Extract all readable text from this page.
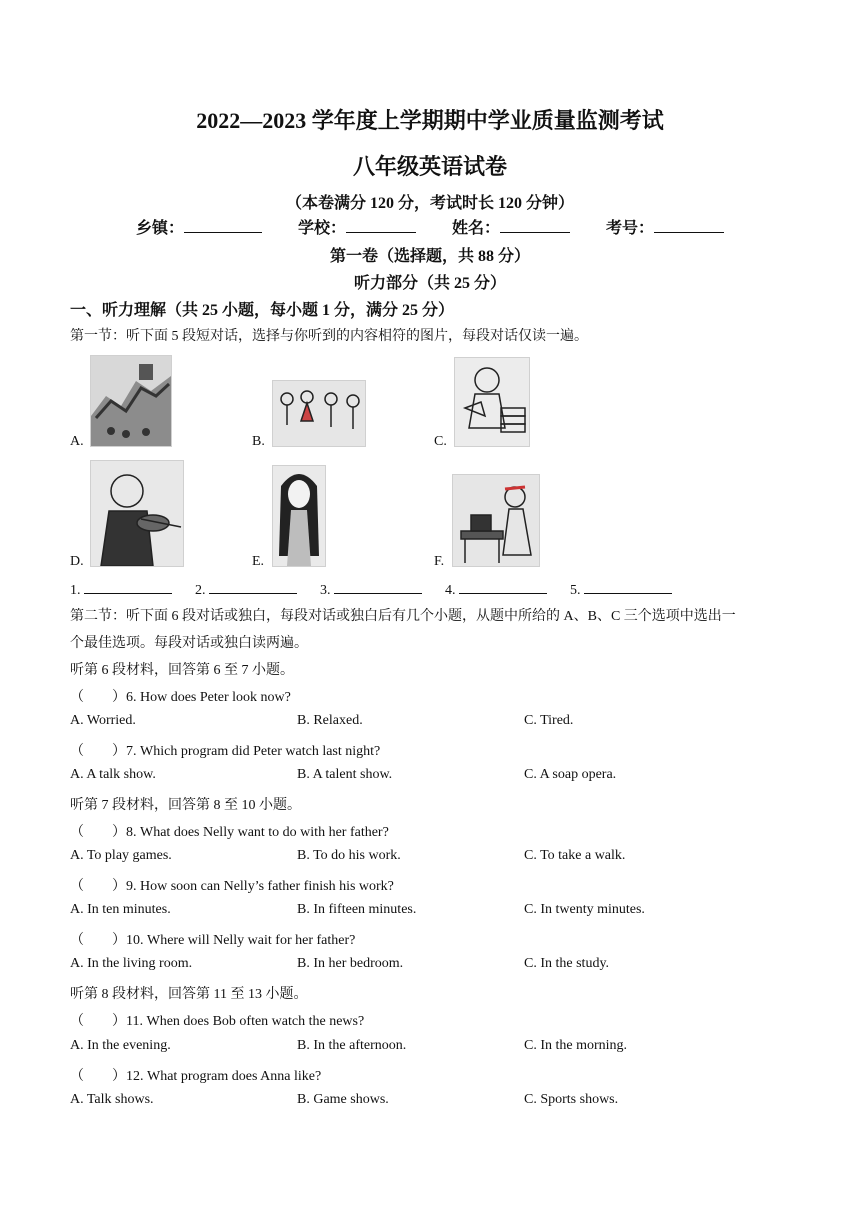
2022—2023 学年度上学期期中学业质量监测考试
八年级英语试卷
（本卷满分 120 分，考试时长 120 分钟）
乡镇：	学校：	姓名：	考号：
第一卷（选择题，共 88 分）
听力部分（共 25 分）
一、听力理解（共 25 小题，每小题 1 分，满分 25 分）
第一节：听下面 5 段短对话，选择与你听到的内容相符的图片，每段对话仅读一遍。
A.	B.	C.
D.	E.	F.
1.	2.	3.	4.	5.
第二节：听下面 6 段对话或独白，每段对话或独白后有几个小题，从题中所给的 A、B、C 三个选项中选出一
个最佳选项。每段对话或独白读两遍。
听第 6 段材料，回答第 6 至 7 小题。
（　　）6. How does Peter look now?
A. Worried.	B. Relaxed.	C. Tired.
（　　）7. Which program did Peter watch last night?
A. A talk show.	B. A talent show.	C. A soap opera.
听第 7 段材料，回答第 8 至 10 小题。
（　　）8. What does Nelly want to do with her father?
A. To play games.	B. To do his work.	C. To take a walk.
（　　）9. How soon can Nelly’s father finish his work?
A. In ten minutes.	B. In fifteen minutes.	C. In twenty minutes.
（　　）10. Where will Nelly wait for her father?
A. In the living room.	B. In her bedroom.	C. In the study.
听第 8 段材料，回答第 11 至 13 小题。
（　　）11. When does Bob often watch the news?
A. In the evening.	B. In the afternoon.	C. In the morning.
（　　）12. What program does Anna like?
A. Talk shows.	B. Game shows.	C. Sports shows.
